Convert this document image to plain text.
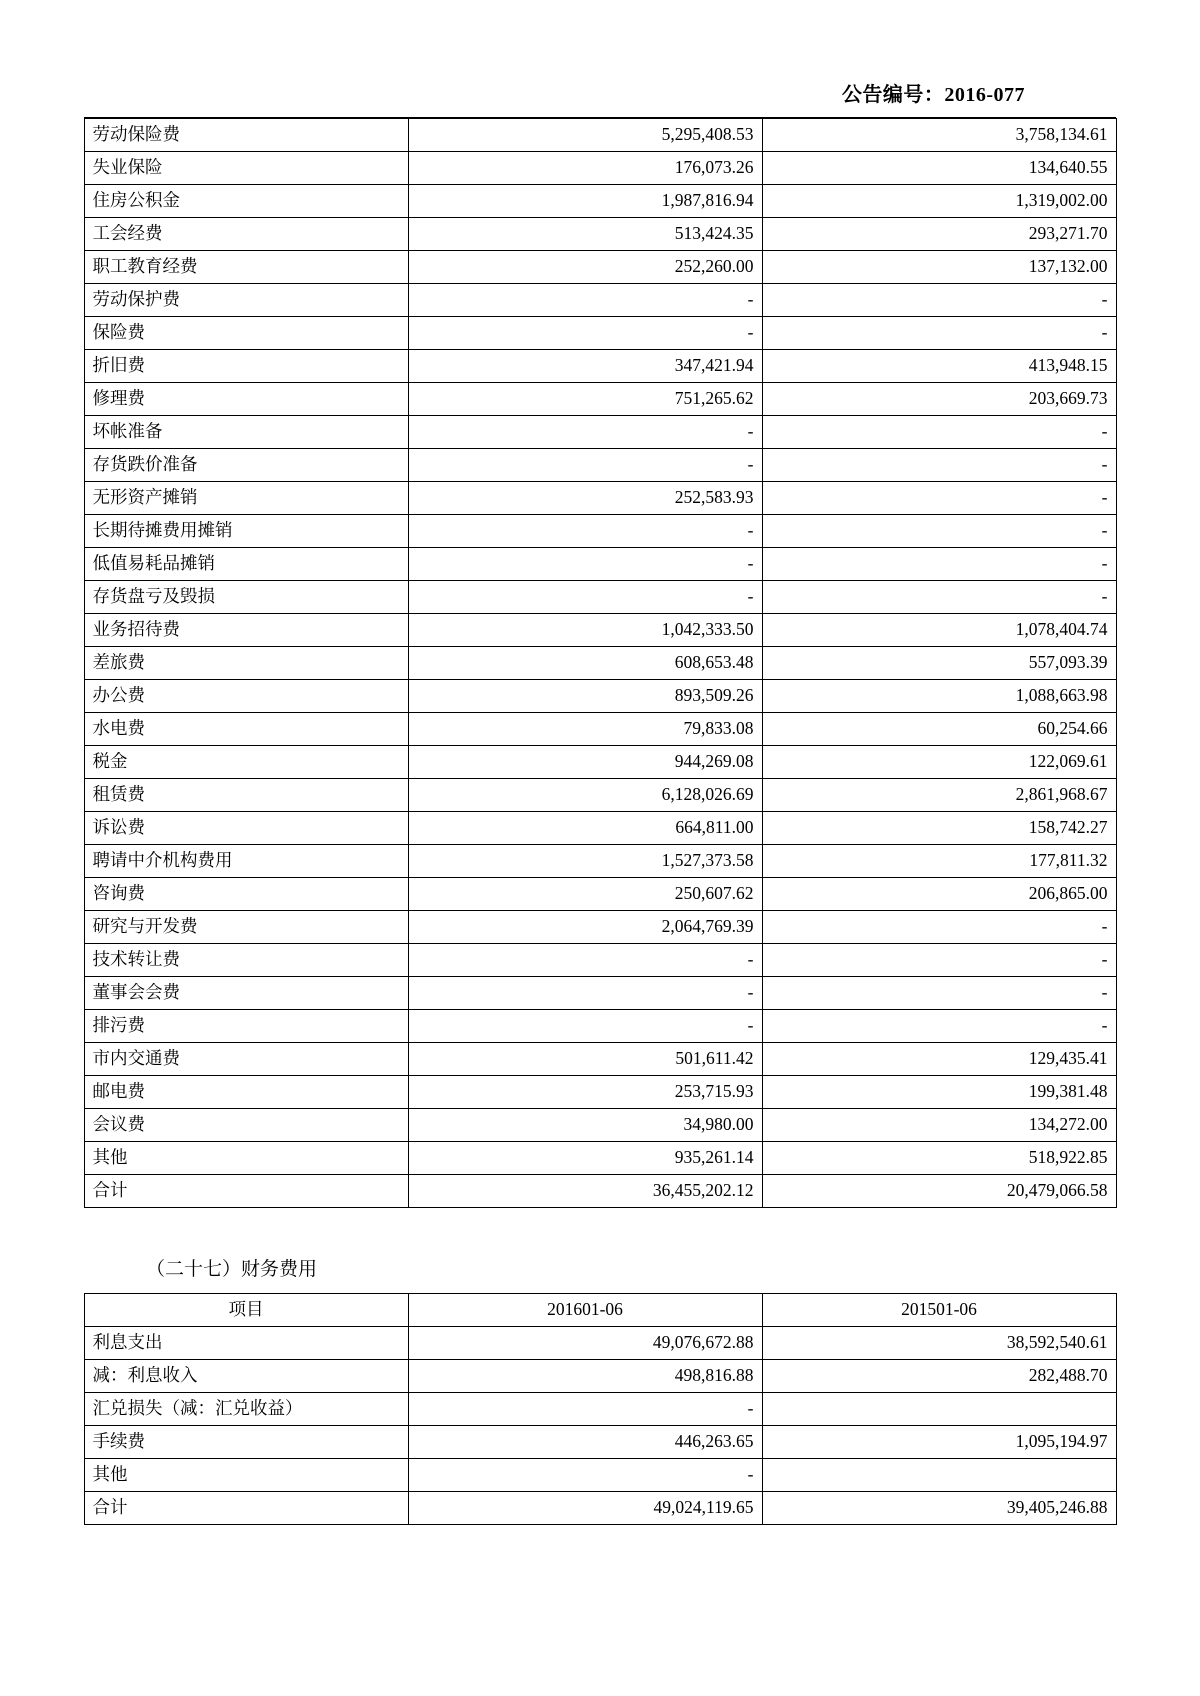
公告编号：2016-077
劳动保险费	5,295,408.53	3,758,134.61
失业保险	176,073.26	134,640.55
住房公积金	1,987,816.94	1,319,002.00
工会经费	513,424.35	293,271.70
职工教育经费	252,260.00	137,132.00
劳动保护费	-	-
保险费	-	-
折旧费	347,421.94	413,948.15
修理费	751,265.62	203,669.73
坏帐准备	-	-
存货跌价准备	-	-
无形资产摊销	252,583.93	-
长期待摊费用摊销	-	-
低值易耗品摊销	-	-
存货盘亏及毁损	-	-
业务招待费	1,042,333.50	1,078,404.74
差旅费	608,653.48	557,093.39
办公费	893,509.26	1,088,663.98
水电费	79,833.08	60,254.66
税金	944,269.08	122,069.61
租赁费	6,128,026.69	2,861,968.67
诉讼费	664,811.00	158,742.27
聘请中介机构费用	1,527,373.58	177,811.32
咨询费	250,607.62	206,865.00
研究与开发费	2,064,769.39	-
技术转让费	-	-
董事会会费	-	-
排污费	-	-
市内交通费	501,611.42	129,435.41
邮电费	253,715.93	199,381.48
会议费	34,980.00	134,272.00
其他	935,261.14	518,922.85
合计	36,455,202.12	20,479,066.58
（二十七）财务费用
项目	201601-06	201501-06
利息支出	49,076,672.88	38,592,540.61
减：利息收入	498,816.88	282,488.70
汇兑损失（减：汇兑收益）	-	
手续费	446,263.65	1,095,194.97
其他	-	
合计	49,024,119.65	39,405,246.88
